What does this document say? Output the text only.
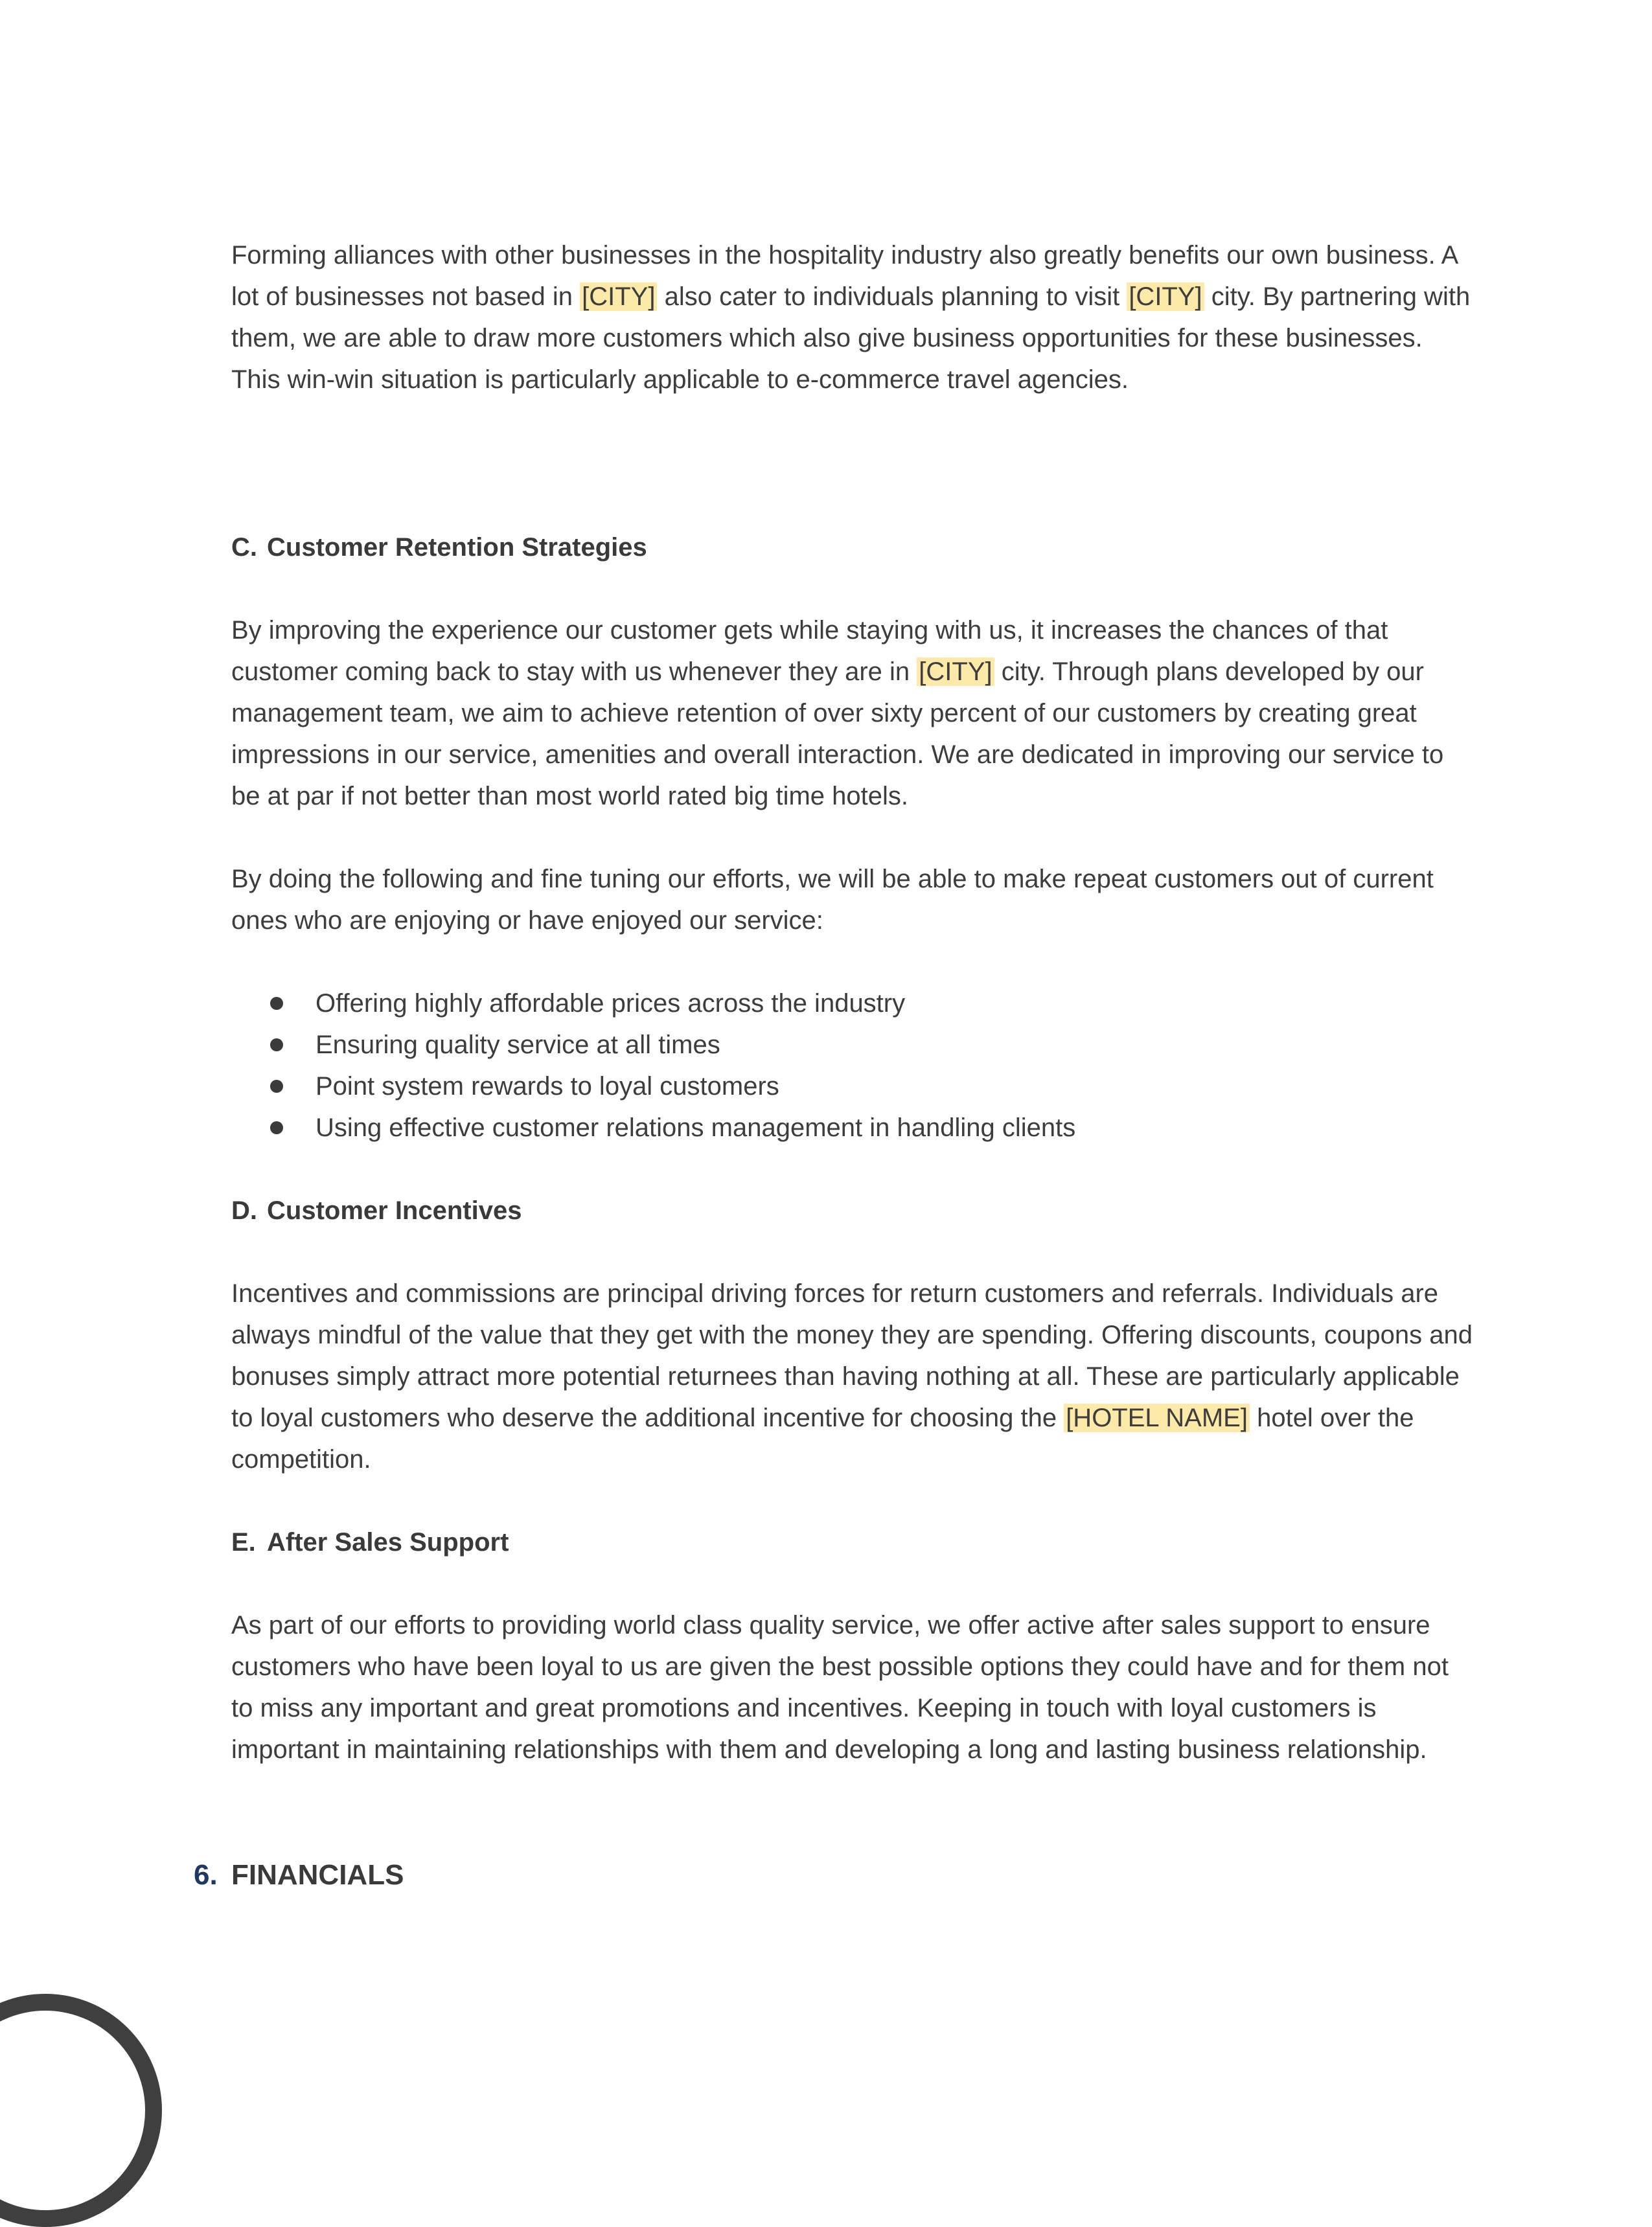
Forming alliances with other businesses in the hospitality industry also greatly benefits our own business. A lot of businesses not based in [CITY] also cater to individuals planning to visit [CITY] city. By partnering with them, we are able to draw more customers which also give business opportunities for these businesses. This win-win situation is particularly applicable to e-commerce travel agencies.

C. Customer Retention Strategies

By improving the experience our customer gets while staying with us, it increases the chances of that customer coming back to stay with us whenever they are in [CITY] city. Through plans developed by our management team, we aim to achieve retention of over sixty percent of our customers by creating great impressions in our service, amenities and overall interaction. We are dedicated in improving our service to be at par if not better than most world rated big time hotels.

By doing the following and fine tuning our efforts, we will be able to make repeat customers out of current ones who are enjoying or have enjoyed our service:

Offering highly affordable prices across the industry
Ensuring quality service at all times
Point system rewards to loyal customers
Using effective customer relations management in handling clients
D. Customer Incentives

Incentives and commissions are principal driving forces for return customers and referrals. Individuals are always mindful of the value that they get with the money they are spending. Offering discounts, coupons and bonuses simply attract more potential returnees than having nothing at all. These are particularly applicable to loyal customers who deserve the additional incentive for choosing the [HOTEL NAME] hotel over the competition.

E. After Sales Support

As part of our efforts to providing world class quality service, we offer active after sales support to ensure customers who have been loyal to us are given the best possible options they could have and for them not to miss any important and great promotions and incentives. Keeping in touch with loyal customers is important in maintaining relationships with them and developing a long and lasting business relationship.

6. FINANCIALS
